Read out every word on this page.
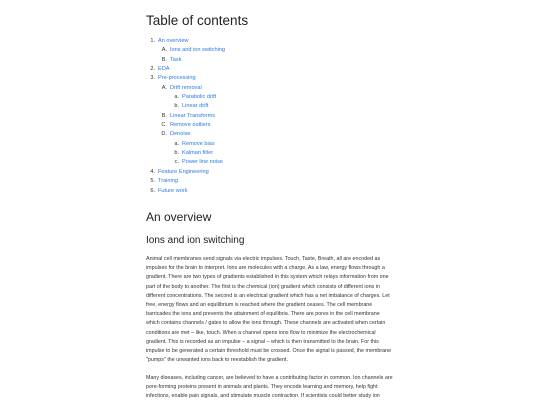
Table of contents
1. An overview
A. Ions and ion switching
B. Task
2. EDA
3. Pre-processing
A. Drift removal
a. Parabolic drift
b. Linear drift
B. Linear Transforms
C. Remove outliers
D. Denoise
a. Remove bias
b. Kalman filter
c. Power line noise
4. Feature Engineering
5. Training
6. Future work
An overview
Ions and ion switching
Animal cell membranes send signals via electric impulses. Touch, Taste, Breath, all are encoded as
impulses for the brain to interpret. Ions are molecules with a charge. As a law, energy flows through a
gradient. There are two types of gradients established in this system which relays information from one
part of the body to another. The first is the chemical (ion) gradient which consists of different ions in
different concentrations. The second is an electrical gradient which has a net imbalance of charges. Let
free, energy flows and an equilibrium is reached where the gradient ceases. The cell membrane
barricades the ions and prevents the attainment of equilibria. There are pores in the cell membrane
which contains channels / gates to allow the ions through. These channels are activated when certain
conditions are met – like, touch. When a channel opens ions flow to minimize the electrochemical
gradient. This is recorded as an impulse – a signal – which is then transmitted to the brain. For this
impulse to be generated a certain threshold must be crossed. Once the signal is passed, the membrane
"pumps" the unwanted ions back to reestablish the gradient.
Many diseases, including cancer, are believed to have a contributing factor in common. Ion channels are
pore-forming proteins present in animals and plants. They encode learning and memory, help fight
infections, enable pain signals, and stimulate muscle contraction. If scientists could better study ion
